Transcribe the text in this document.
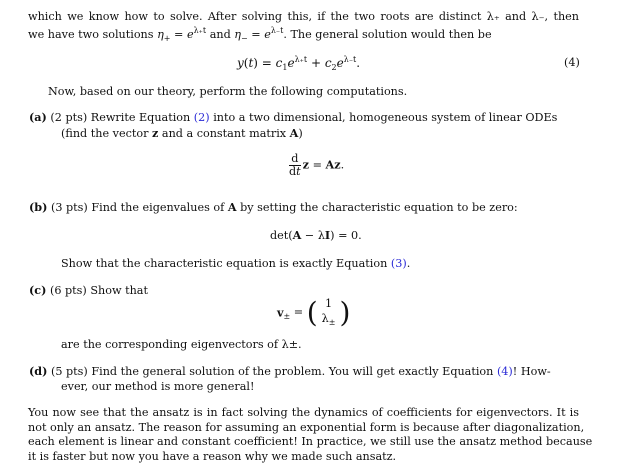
which we know how to solve. After solving this, if the two roots are distinct λ₊ and λ₋, then
we have two solutions $\eta_+ = e^{\lambda_+t}$ and $\eta_- = e^{\lambda_-t}$. The general solution would then be
$y(t) = c_1e^{\lambda_+t} + c_2e^{\lambda_-t}$.	(4)
Now, based on our theory, perform the following computations.
(a) (2 pts) Rewrite Equation (2) into a two dimensional, homogeneous system of linear ODEs
(find the vector z and a constant matrix A)
$\frac{d}{dt}$ z = Az.
(b) (3 pts) Find the eigenvalues of A by setting the characteristic equation to be zero:
det(A − λI) = 0.
Show that the characteristic equation is exactly Equation (3).
(c) (6 pts) Show that
$v_\pm$ = ( 1
$\lambda_\pm$ )
are the corresponding eigenvectors of λ±.
(d) (5 pts) Find the general solution of the problem. You will get exactly Equation (4)! How-
ever, our method is more general!
You now see that the ansatz is in fact solving the dynamics of coefficients for eigenvectors. It is
not only an ansatz. The reason for assuming an exponential form is because after diagonalization,
each element is linear and constant coefficient! In practice, we still use the ansatz method because
it is faster but now you have a reason why we made such ansatz.
